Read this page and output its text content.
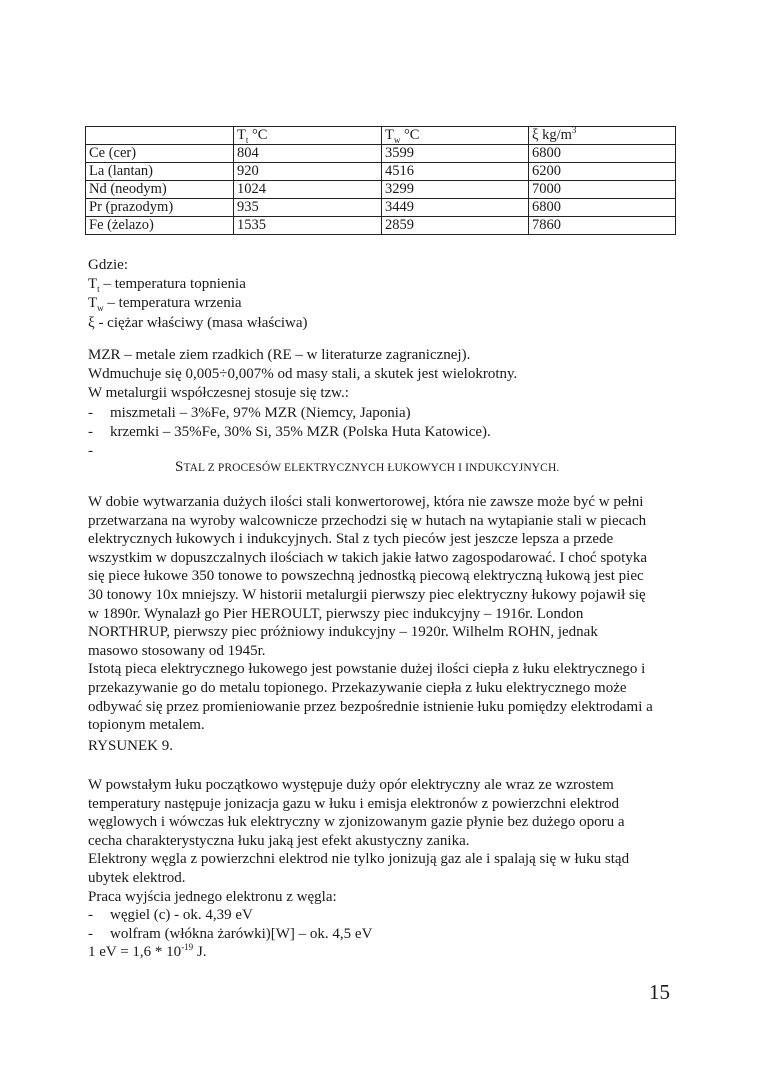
	$T_t$ °C	$T_w$ °C	ξ $kg/m^3$
Ce (cer)	804	3599	6800
La (lantan)	920	4516	6200
Nd (neodym)	1024	3299	7000
Pr (prazodym)	935	3449	6800
Fe (żelazo)	1535	2859	7860
Gdzie:
$T_t$ – temperatura topnienia
$T_w$ – temperatura wrzenia
ξ - ciężar właściwy (masa właściwa)
MZR – metale ziem rzadkich (RE – w literaturze zagranicznej).
Wdmuchuje się 0,005÷0,007% od masy stali, a skutek jest wielokrotny.
W metalurgii współczesnej stosuje się tzw.:
-	miszmetali – 3%Fe, 97% MZR (Niemcy, Japonia)
-	krzemki – 35%Fe, 30% Si, 35% MZR (Polska Huta Katowice).
-
STAL Z PROCESÓW ELEKTRYCZNYCH ŁUKOWYCH I INDUKCYJNYCH.
W dobie wytwarzania dużych ilości stali konwertorowej, która nie zawsze może być w pełni
przetwarzana na wyroby walcownicze przechodzi się w hutach na wytapianie stali w piecach
elektrycznych łukowych i indukcyjnych. Stal z tych pieców jest jeszcze lepsza a przede
wszystkim w dopuszczalnych ilościach w takich jakie łatwo zagospodarować. I choć spotyka
się piece łukowe 350 tonowe to powszechną jednostką piecową elektryczną łukową jest piec
30 tonowy 10x mniejszy. W historii metalurgii pierwszy piec elektryczny łukowy pojawił się
w 1890r. Wynalazł go Pier HEROULT, pierwszy piec indukcyjny – 1916r. London
NORTHRUP, pierwszy piec próżniowy indukcyjny – 1920r. Wilhelm ROHN, jednak
masowo stosowany od 1945r.
Istotą pieca elektrycznego łukowego jest powstanie dużej ilości ciepła z łuku elektrycznego i
przekazywanie go do metalu topionego. Przekazywanie ciepła z łuku elektrycznego może
odbywać się przez promieniowanie przez bezpośrednie istnienie łuku pomiędzy elektrodami a
topionym metalem.
RYSUNEK 9.
W powstałym łuku początkowo występuje duży opór elektryczny ale wraz ze wzrostem
temperatury następuje jonizacja gazu w łuku i emisja elektronów z powierzchni elektrod
węglowych i wówczas łuk elektryczny w zjonizowanym gazie płynie bez dużego oporu a
cecha charakterystyczna łuku jaką jest efekt akustyczny zanika.
Elektrony węgla z powierzchni elektrod nie tylko jonizują gaz ale i spalają się w łuku stąd
ubytek elektrod.
Praca wyjścia jednego elektronu z węgla:
-	węgiel (c) - ok. 4,39 eV
-	wolfram (włókna żarówki)[W] – ok. 4,5 eV
1 eV = $1,6 * 10^{-19}$ J.
15
